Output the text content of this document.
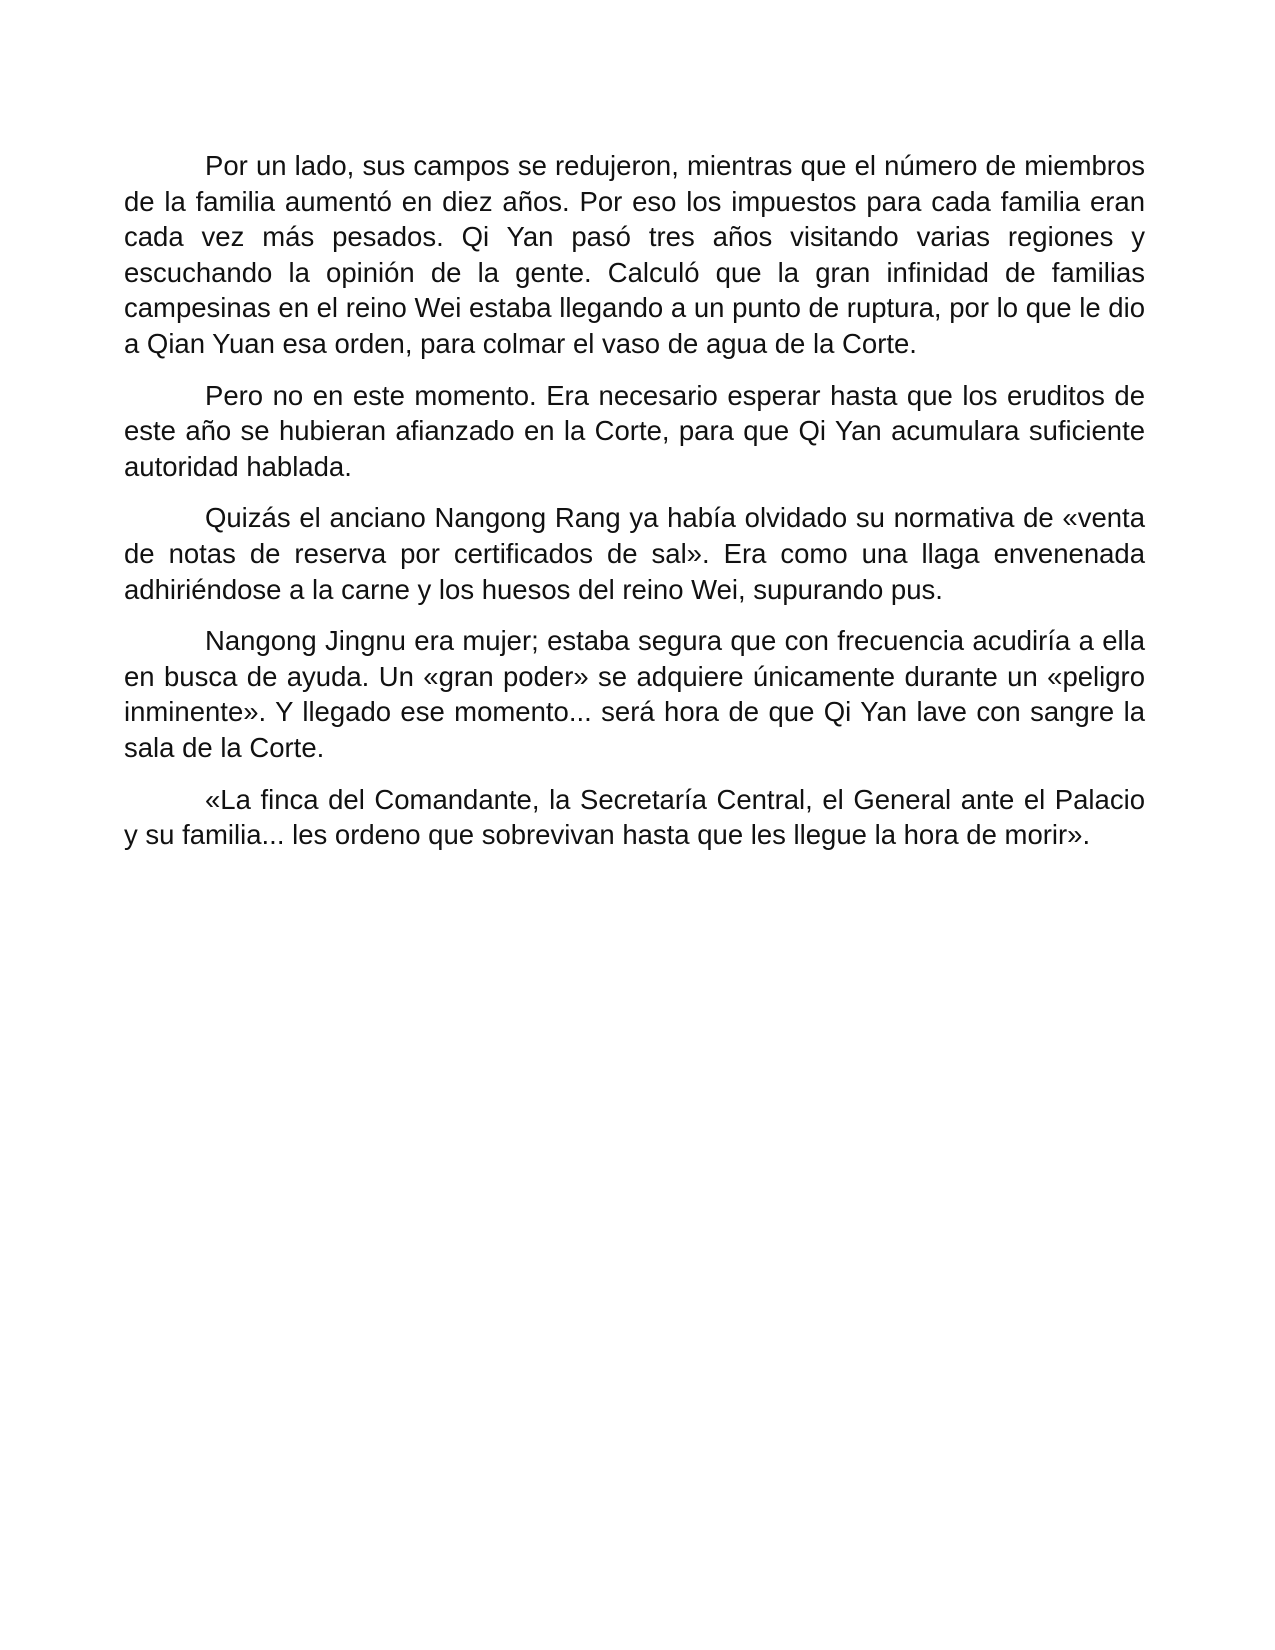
Por un lado, sus campos se redujeron, mientras que el número de miembros de la familia aumentó en diez años. Por eso los impuestos para cada familia eran cada vez más pesados. Qi Yan pasó tres años visitando varias regiones y escuchando la opinión de la gente. Calculó que la gran infinidad de familias campesinas en el reino Wei estaba llegando a un punto de ruptura, por lo que le dio a Qian Yuan esa orden, para colmar el vaso de agua de la Corte.

Pero no en este momento. Era necesario esperar hasta que los eruditos de este año se hubieran afianzado en la Corte, para que Qi Yan acumulara suficiente autoridad hablada.

Quizás el anciano Nangong Rang ya había olvidado su normativa de «venta de notas de reserva por certificados de sal». Era como una llaga envenenada adhiriéndose a la carne y los huesos del reino Wei, supurando pus.

Nangong Jingnu era mujer; estaba segura que con frecuencia acudiría a ella en busca de ayuda. Un «gran poder» se adquiere únicamente durante un «peligro inminente». Y llegado ese momento... será hora de que Qi Yan lave con sangre la sala de la Corte.

«La finca del Comandante, la Secretaría Central, el General ante el Palacio y su familia... les ordeno que sobrevivan hasta que les llegue la hora de morir».
